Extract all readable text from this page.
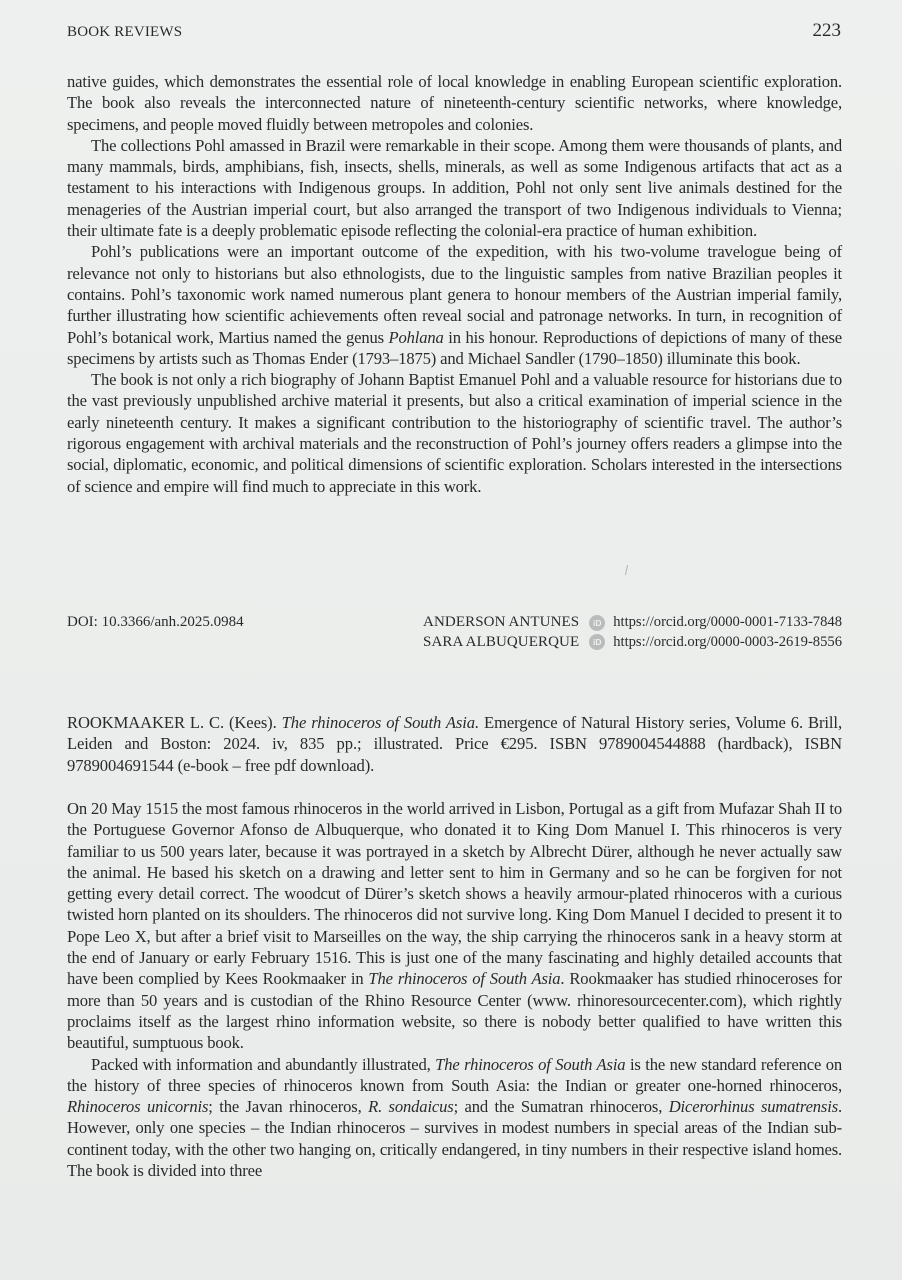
BOOK REVIEWS	223

native guides, which demonstrates the essential role of local knowledge in enabling European scientific exploration. The book also reveals the interconnected nature of nineteenth-century scientific networks, where knowledge, specimens, and people moved fluidly between metropoles and colonies.

The collections Pohl amassed in Brazil were remarkable in their scope. Among them were thousands of plants, and many mammals, birds, amphibians, fish, insects, shells, minerals, as well as some Indigenous artifacts that act as a testament to his interactions with Indigenous groups. In addition, Pohl not only sent live animals destined for the menageries of the Austrian imperial court, but also arranged the transport of two Indigenous individuals to Vienna; their ultimate fate is a deeply problematic episode reflecting the colonial-era practice of human exhibition.

Pohl’s publications were an important outcome of the expedition, with his two-volume travelogue being of relevance not only to historians but also ethnologists, due to the linguistic samples from native Brazilian peoples it contains. Pohl’s taxonomic work named numerous plant genera to honour members of the Austrian imperial family, further illustrating how scientific achievements often reveal social and patronage networks. In turn, in recognition of Pohl’s botanical work, Martius named the genus Pohlana in his honour. Reproductions of depictions of many of these specimens by artists such as Thomas Ender (1793–1875) and Michael Sandler (1790–1850) illuminate this book.

The book is not only a rich biography of Johann Baptist Emanuel Pohl and a valuable resource for historians due to the vast previously unpublished archive material it presents, but also a critical examination of imperial science in the early nineteenth century. It makes a significant contribution to the historiography of scientific travel. The author’s rigorous engagement with archival materials and the reconstruction of Pohl’s journey offers readers a glimpse into the social, diplomatic, economic, and political dimensions of scientific exploration. Scholars interested in the intersections of science and empire will find much to appreciate in this work.

DOI: 10.3366/anh.2025.0984	ANDERSON ANTUNES	iD https://orcid.org/0000-0001-7133-7848
SARA ALBUQUERQUE	iD https://orcid.org/0000-0003-2619-8556

ROOKMAAKER L. C. (Kees). The rhinoceros of South Asia. Emergence of Natural History series, Volume 6. Brill, Leiden and Boston: 2024. iv, 835 pp.; illustrated. Price €295. ISBN 9789004544888 (hardback), ISBN 9789004691544 (e-book – free pdf download).

On 20 May 1515 the most famous rhinoceros in the world arrived in Lisbon, Portugal as a gift from Mufazar Shah II to the Portuguese Governor Afonso de Albuquerque, who donated it to King Dom Manuel I. This rhinoceros is very familiar to us 500 years later, because it was portrayed in a sketch by Albrecht Dürer, although he never actually saw the animal. He based his sketch on a drawing and letter sent to him in Germany and so he can be forgiven for not getting every detail correct. The woodcut of Dürer’s sketch shows a heavily armour-plated rhinoceros with a curious twisted horn planted on its shoulders. The rhinoceros did not survive long. King Dom Manuel I decided to present it to Pope Leo X, but after a brief visit to Marseilles on the way, the ship carrying the rhinoceros sank in a heavy storm at the end of January or early February 1516. This is just one of the many fascinating and highly detailed accounts that have been complied by Kees Rookmaaker in The rhinoceros of South Asia. Rookmaaker has studied rhinoceroses for more than 50 years and is custodian of the Rhino Resource Center (www. rhinoresourcecenter.com), which rightly proclaims itself as the largest rhino information website, so there is nobody better qualified to have written this beautiful, sumptuous book.

Packed with information and abundantly illustrated, The rhinoceros of South Asia is the new standard reference on the history of three species of rhinoceros known from South Asia: the Indian or greater one-horned rhinoceros, Rhinoceros unicornis; the Javan rhinoceros, R. sondaicus; and the Sumatran rhinoceros, Dicerorhinus sumatrensis. However, only one species – the Indian rhinoceros – survives in modest numbers in special areas of the Indian sub-continent today, with the other two hanging on, critically endangered, in tiny numbers in their respective island homes. The book is divided into three
